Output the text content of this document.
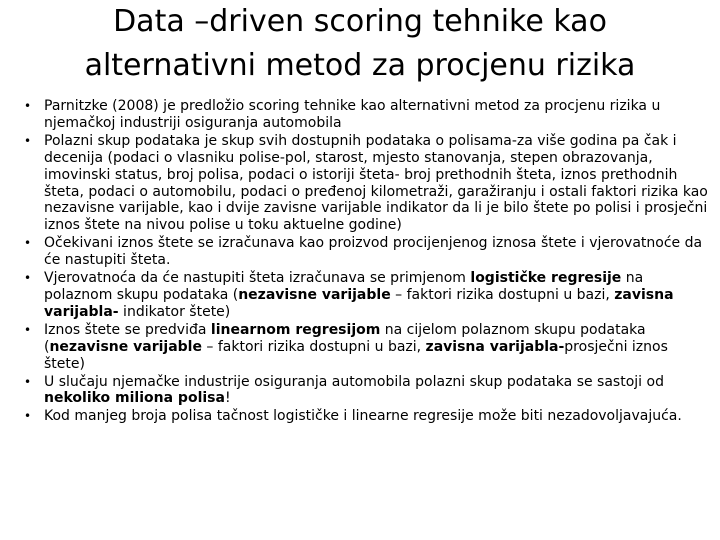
Data –driven scoring tehnike kao
alternativni metod za procjenu rizika
• Parnitzke (2008) je predložio scoring tehnike kao alternativni metod za procjenu rizika u njemačkoj industriji osiguranja automobila
• Polazni skup podataka je skup svih dostupnih podataka o polisama-za više godina pa čak i decenija (podaci o vlasniku polise-pol, starost, mjesto stanovanja, stepen obrazovanja, imovinski status, broj polisa, podaci o istoriji šteta- broj prethodnih šteta, iznos prethodnih šteta, podaci o automobilu, podaci o pređenoj kilometraži, garažiranju i ostali faktori rizika kao nezavisne varijable, kao i dvije zavisne varijable indikator da li je bilo štete po polisi i prosječni iznos štete na nivou polise u toku aktuelne godine)
• Očekivani iznos štete se izračunava kao proizvod procijenjenog iznosa štete i vjerovatnoće da će nastupiti šteta.
• Vjerovatnoća da će nastupiti šteta izračunava se primjenom logističke regresije na polaznom skupu podataka (nezavisne varijable – faktori rizika dostupni u bazi, zavisna varijabla- indikator štete)
• Iznos štete se predviđa linearnom regresijom na cijelom polaznom skupu podataka (nezavisne varijable – faktori rizika dostupni u bazi, zavisna varijabla-prosječni iznos štete)
• U slučaju njemačke industrije osiguranja automobila polazni skup podataka se sastoji od nekoliko miliona polisa!
• Kod manjeg broja polisa tačnost logističke i linearne regresije može biti nezadovoljavajuća.
